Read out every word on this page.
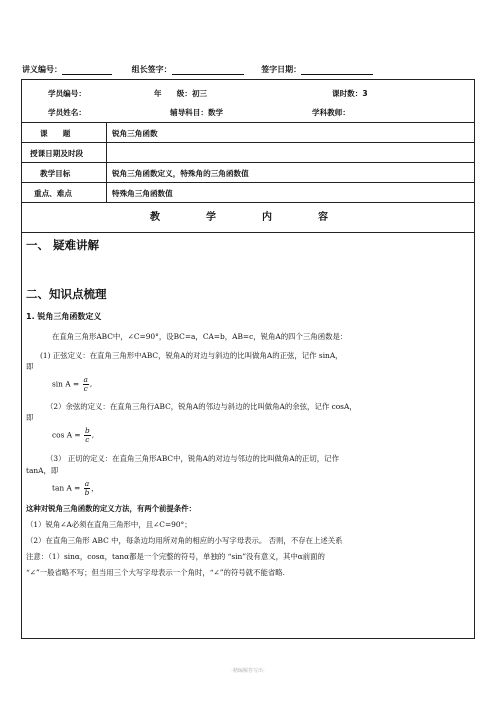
讲义编号：	组长签字：	签字日期：
学员编号：	年　　级：初三	课时数：3
学员姓名：	辅导科目：数学	学科教师：
课　　题	锐角三角函数
授课日期及时段
教学目标	锐角三角函数定义，特殊角的三角函数值
重点、难点	特殊角三角函数值
教　学　内　容
一、 疑难讲解
二、知识点梳理
1. 锐角三角函数定义
在直角三角形ABC中，∠C=90°，设BC=a，CA=b，AB=c，锐角A的四个三角函数是：
(1) 正弦定义：在直角三角形中ABC，锐角A的对边与斜边的比叫做角A的正弦，记作 sinA，
即
$\sin A = \frac{a}{c}$ ,
（2）余弦的定义：在直角三角行ABC，锐角A的邻边与斜边的比叫做角A的余弦，记作 cosA，
即
$\cos A = \frac{b}{c}$ ,
（3） 正切的定义：在直角三角形ABC中，锐角A的对边与邻边的比叫做角A的正切，记作
tanA，即
$\tan A = \frac{a}{b}$ ，
这种对锐角三角函数的定义方法，有两个前提条件：
（1）锐角∠A必须在直角三角形中，且∠C=90°；
（2）在直角三角形 ABC 中，每条边均用所对角的相应的小写字母表示。 否则，不存在上述关系
注意：（1）sinα，cosα，tanα都是一个完整的符号，单独的 “sin”没有意义，其中α前面的
“∠”一般省略不写；但当用三个大写字母表示一个角时，“∠”的符号就不能省略.
-精编解答写出-
